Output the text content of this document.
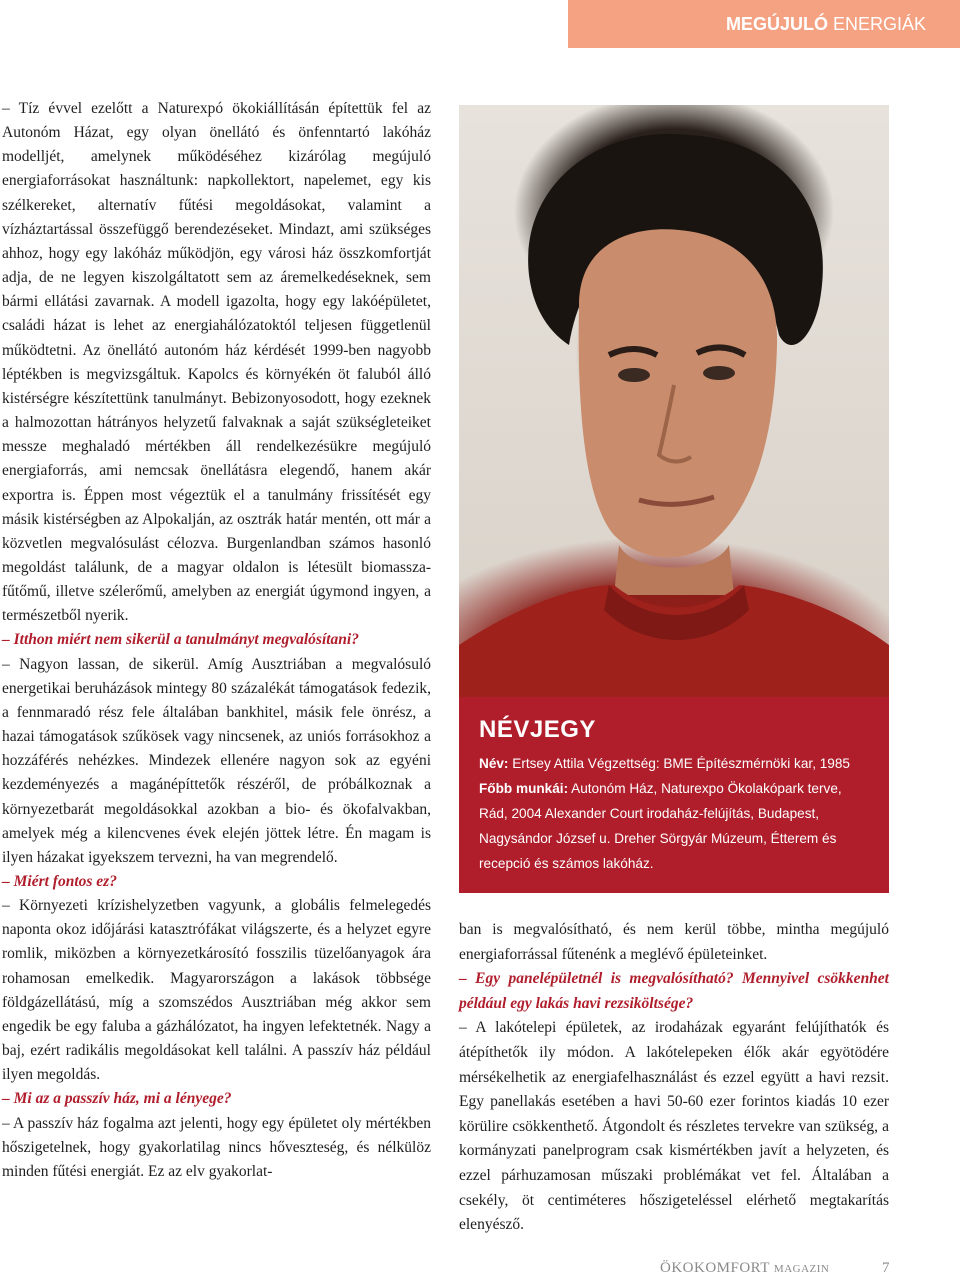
MEGÚJULÓ ENERGIÁK

– Tíz évvel ezelőtt a Naturexpó ökokiállításán építettük fel az Autonóm Házat, egy olyan önellátó és önfenntartó lakóház modelljét, amelynek működéséhez kizárólag megújuló energiaforrásokat használtunk: napkollektort, napelemet, egy kis szélkereket, alternatív fűtési megoldásokat, valamint a vízháztartással összefüggő berendezéseket. Mindazt, ami szükséges ahhoz, hogy egy lakóház működjön, egy városi ház összkomfortját adja, de ne legyen kiszolgáltatott sem az áremelkedéseknek, sem bármi ellátási zavarnak. A modell igazolta, hogy egy lakóépületet, családi házat is lehet az energiahálózatoktól teljesen függetlenül működtetni. Az önellátó autonóm ház kérdését 1999-ben nagyobb léptékben is megvizsgáltuk. Kapolcs és környékén öt faluból álló kistérségre készítettünk tanulmányt. Bebizonyosodott, hogy ezeknek a halmozottan hátrányos helyzetű falvaknak a saját szükségleteiket messze meghaladó mértékben áll rendelkezésükre megújuló energiaforrás, ami nemcsak önellátásra elegendő, hanem akár exportra is. Éppen most végeztük el a tanulmány frissítését egy másik kistérségben az Alpokalján, az osztrák határ mentén, ott már a közvetlen megvalósulást célozva. Burgenlandban számos hasonló megoldást találunk, de a magyar oldalon is létesült biomassza-fűtőmű, illetve szélerőmű, amelyben az energiát úgymond ingyen, a természetből nyerik.

– Itthon miért nem sikerül a tanulmányt megvalósítani?

– Nagyon lassan, de sikerül. Amíg Ausztriában a megvalósuló energetikai beruházások mintegy 80 százalékát támogatások fedezik, a fennmaradó rész fele általában bankhitel, másik fele önrész, a hazai támogatások szűkösek vagy nincsenek, az uniós forrásokhoz a hozzáférés nehézkes. Mindezek ellenére nagyon sok az egyéni kezdeményezés a magánépíttetők részéről, de próbálkoznak a környezetbarát megoldásokkal azokban a bio- és ökofalvakban, amelyek még a kilencvenes évek elején jöttek létre. Én magam is ilyen házakat igyekszem tervezni, ha van megrendelő.

– Miért fontos ez?

– Környezeti krízishelyzetben vagyunk, a globális felmelegedés naponta okoz időjárási katasztrófákat világszerte, és a helyzet egyre romlik, miközben a környezetkárosító fosszilis tüzelőanyagok ára rohamosan emelkedik. Magyarországon a lakások többsége földgázellátású, míg a szomszédos Ausztriában még akkor sem engedik be egy faluba a gázhálózatot, ha ingyen lefektetnék. Nagy a baj, ezért radikális megoldásokat kell találni. A passzív ház például ilyen megoldás.

– Mi az a passzív ház, mi a lényege?

– A passzív ház fogalma azt jelenti, hogy egy épületet oly mértékben hőszigetelnek, hogy gyakorlatilag nincs hőveszteség, és nélkülöz minden fűtési energiát. Ez az elv gyakorlat-

NÉVJEGY
Név: Ertsey Attila Végzettség: BME Építészmérnöki kar, 1985
Főbb munkái: Autonóm Ház, Naturexpo Ökolakópark terve, Rád, 2004 Alexander Court irodaház-felújítás, Budapest, Nagysándor József u. Dreher Sörgyár Múzeum, Étterem és recepció és számos lakóház.

ban is megvalósítható, és nem kerül többe, mintha megújuló energiaforrással fűtenénk a meglévő épületeinket.

– Egy panelépületnél is megvalósítható? Mennyivel csökkenhet például egy lakás havi rezsiköltsége?

– A lakótelepi épületek, az irodaházak egyaránt felújíthatók és átépíthetők ily módon. A lakótelepeken élők akár egyötödére mérsékelhetik az energiafelhasználást és ezzel együtt a havi rezsit. Egy panellakás esetében a havi 50-60 ezer forintos kiadás 10 ezer körülire csökkenthető. Átgondolt és részletes tervekre van szükség, a kormányzati panelprogram csak kismértékben javít a helyzeten, és ezzel párhuzamosan műszaki problémákat vet fel. Általában a csekély, öt centiméteres hőszigeteléssel elérhető megtakarítás elenyésző.

ÖKOKOMFORT magazin	7
